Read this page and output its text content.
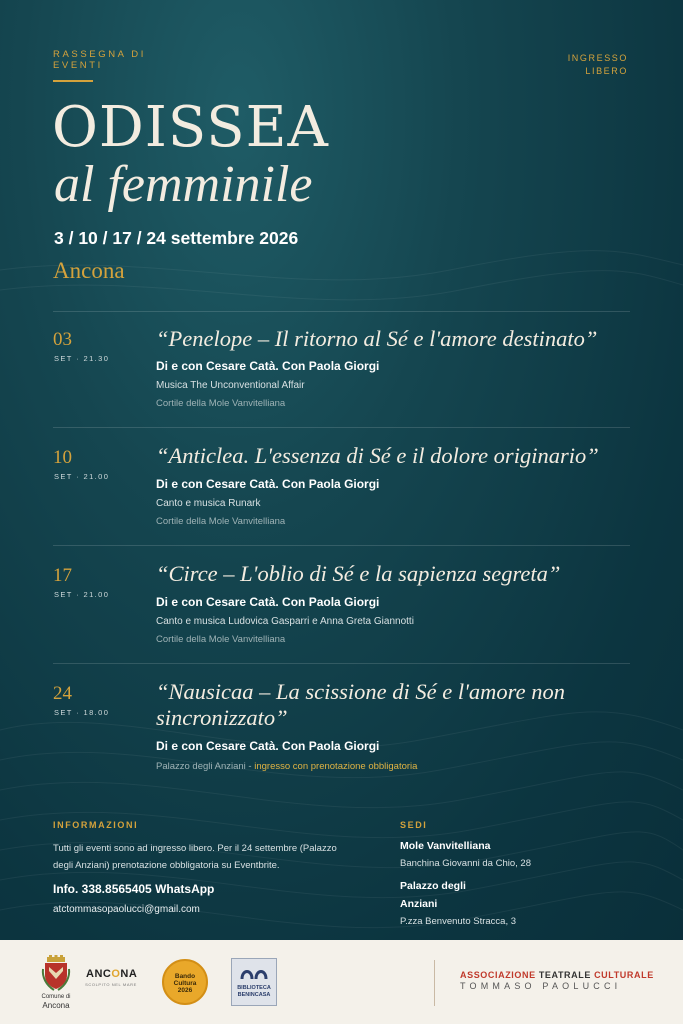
RASSEGNA DI EVENTI
INGRESSO
LIBERO
ODISSEA
al femminile
3 / 10 / 17 / 24 settembre 2026
Ancona
03
SET · 21.30
“Penelope – Il ritorno al Sé e l'amore destinato”
Di e con Cesare Catà. Con Paola Giorgi
Musica The Unconventional Affair
Cortile della Mole Vanvitelliana
10
SET · 21.00
“Anticlea. L'essenza di Sé e il dolore originario”
Di e con Cesare Catà. Con Paola Giorgi
Canto e musica Runark
Cortile della Mole Vanvitelliana
17
SET · 21.00
“Circe – L'oblio di Sé e la sapienza segreta”
Di e con Cesare Catà. Con Paola Giorgi
Canto e musica Ludovica Gasparri e Anna Greta Giannotti
Cortile della Mole Vanvitelliana
24
SET · 18.00
“Nausicaa – La scissione di Sé e l'amore non sincronizzato”
Di e con Cesare Catà. Con Paola Giorgi
Palazzo degli Anziani - ingresso con prenotazione obbligatoria
INFORMAZIONI
Tutti gli eventi sono ad ingresso libero. Per il 24 settembre (Palazzo degli Anziani) prenotazione obbligatoria su Eventbrite.
Info. 338.8565405 WhatsApp
atctommasopaolucci@gmail.com
SEDI
Mole Vanvitelliana
Banchina Giovanni da Chio, 28
Palazzo degli
Anziani
P.zza Benvenuto Stracca, 3
Comune di
Ancona
ANCONA
SCOLPITO NEL MARE
Bando
Cultura
2026	BIBLIOTECA
BENINCASA
ASSOCIAZIONE TEATRALE CULTURALE
TOMMASO PAOLUCCI
